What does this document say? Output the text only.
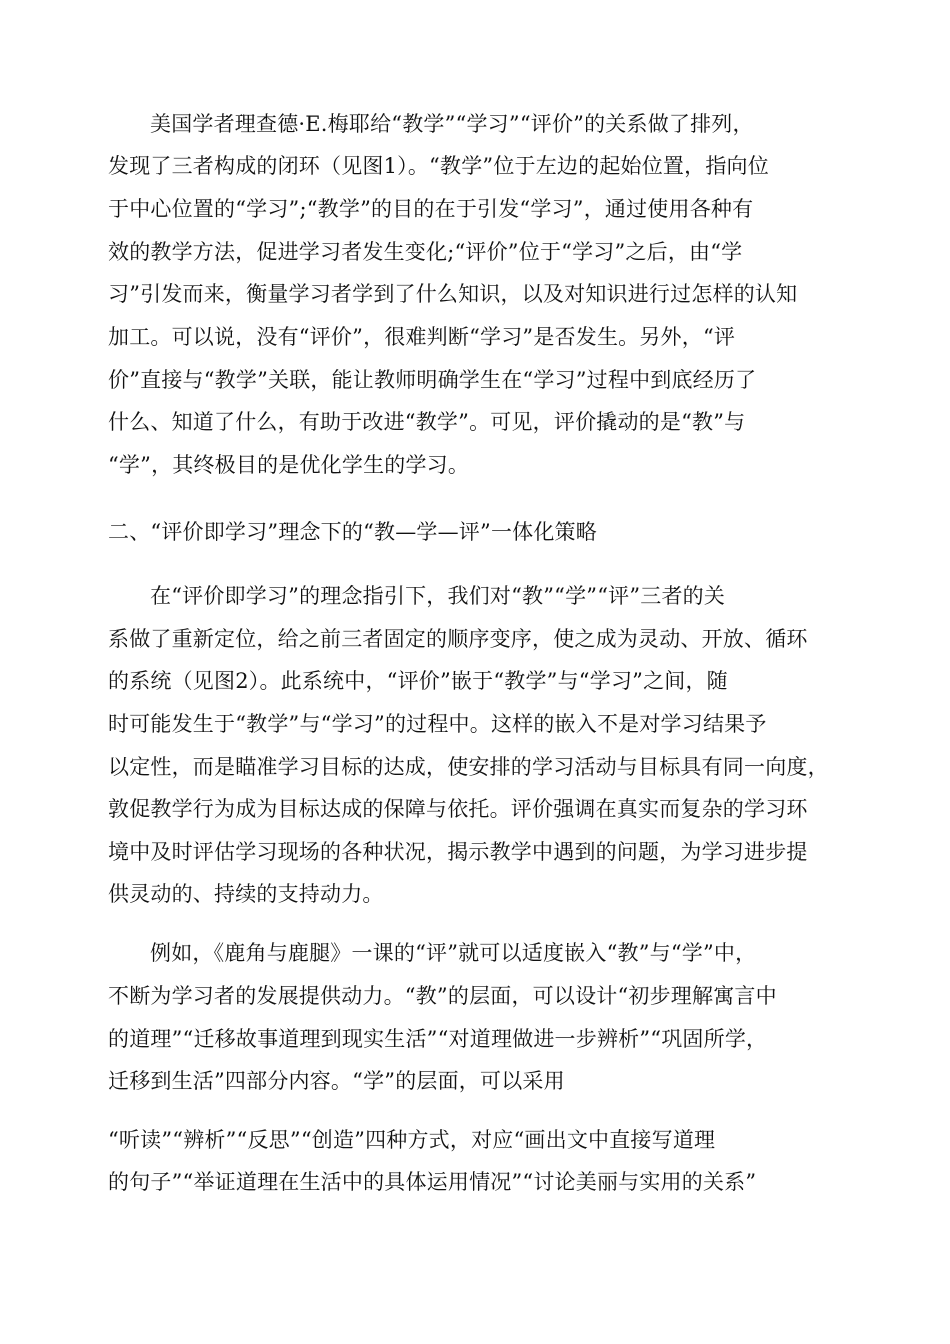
美国学者理查德·E.梅耶给“教学”“学习”“评价”的关系做了排列，
发现了三者构成的闭环（见图1）。“教学”位于左边的起始位置，指向位
于中心位置的“学习”;“教学”的目的在于引发“学习”，通过使用各种有
效的教学方法，促进学习者发生变化;“评价”位于“学习”之后，由“学
习”引发而来，衡量学习者学到了什么知识，以及对知识进行过怎样的认知
加工。可以说，没有“评价”，很难判断“学习”是否发生。另外，“评
价”直接与“教学”关联，能让教师明确学生在“学习”过程中到底经历了
什么、知道了什么，有助于改进“教学”。可见，评价撬动的是“教”与
“学”，其终极目的是优化学生的学习。
二、“评价即学习”理念下的“教—学—评”一体化策略
在“评价即学习”的理念指引下，我们对“教”“学”“评”三者的关
系做了重新定位，给之前三者固定的顺序变序，使之成为灵动、开放、循环
的系统（见图2）。此系统中，“评价”嵌于“教学”与“学习”之间，随
时可能发生于“教学”与“学习”的过程中。这样的嵌入不是对学习结果予
以定性，而是瞄准学习目标的达成，使安排的学习活动与目标具有同一向度，
敦促教学行为成为目标达成的保障与依托。评价强调在真实而复杂的学习环
境中及时评估学习现场的各种状况，揭示教学中遇到的问题，为学习进步提
供灵动的、持续的支持动力。
例如，《鹿角与鹿腿》一课的“评”就可以适度嵌入“教”与“学”中，
不断为学习者的发展提供动力。“教”的层面，可以设计“初步理解寓言中
的道理”“迁移故事道理到现实生活”“对道理做进一步辨析”“巩固所学，
迁移到生活”四部分内容。“学”的层面，可以采用
“听读”“辨析”“反思”“创造”四种方式，对应“画出文中直接写道理
的句子”“举证道理在生活中的具体运用情况”“讨论美丽与实用的关系”
